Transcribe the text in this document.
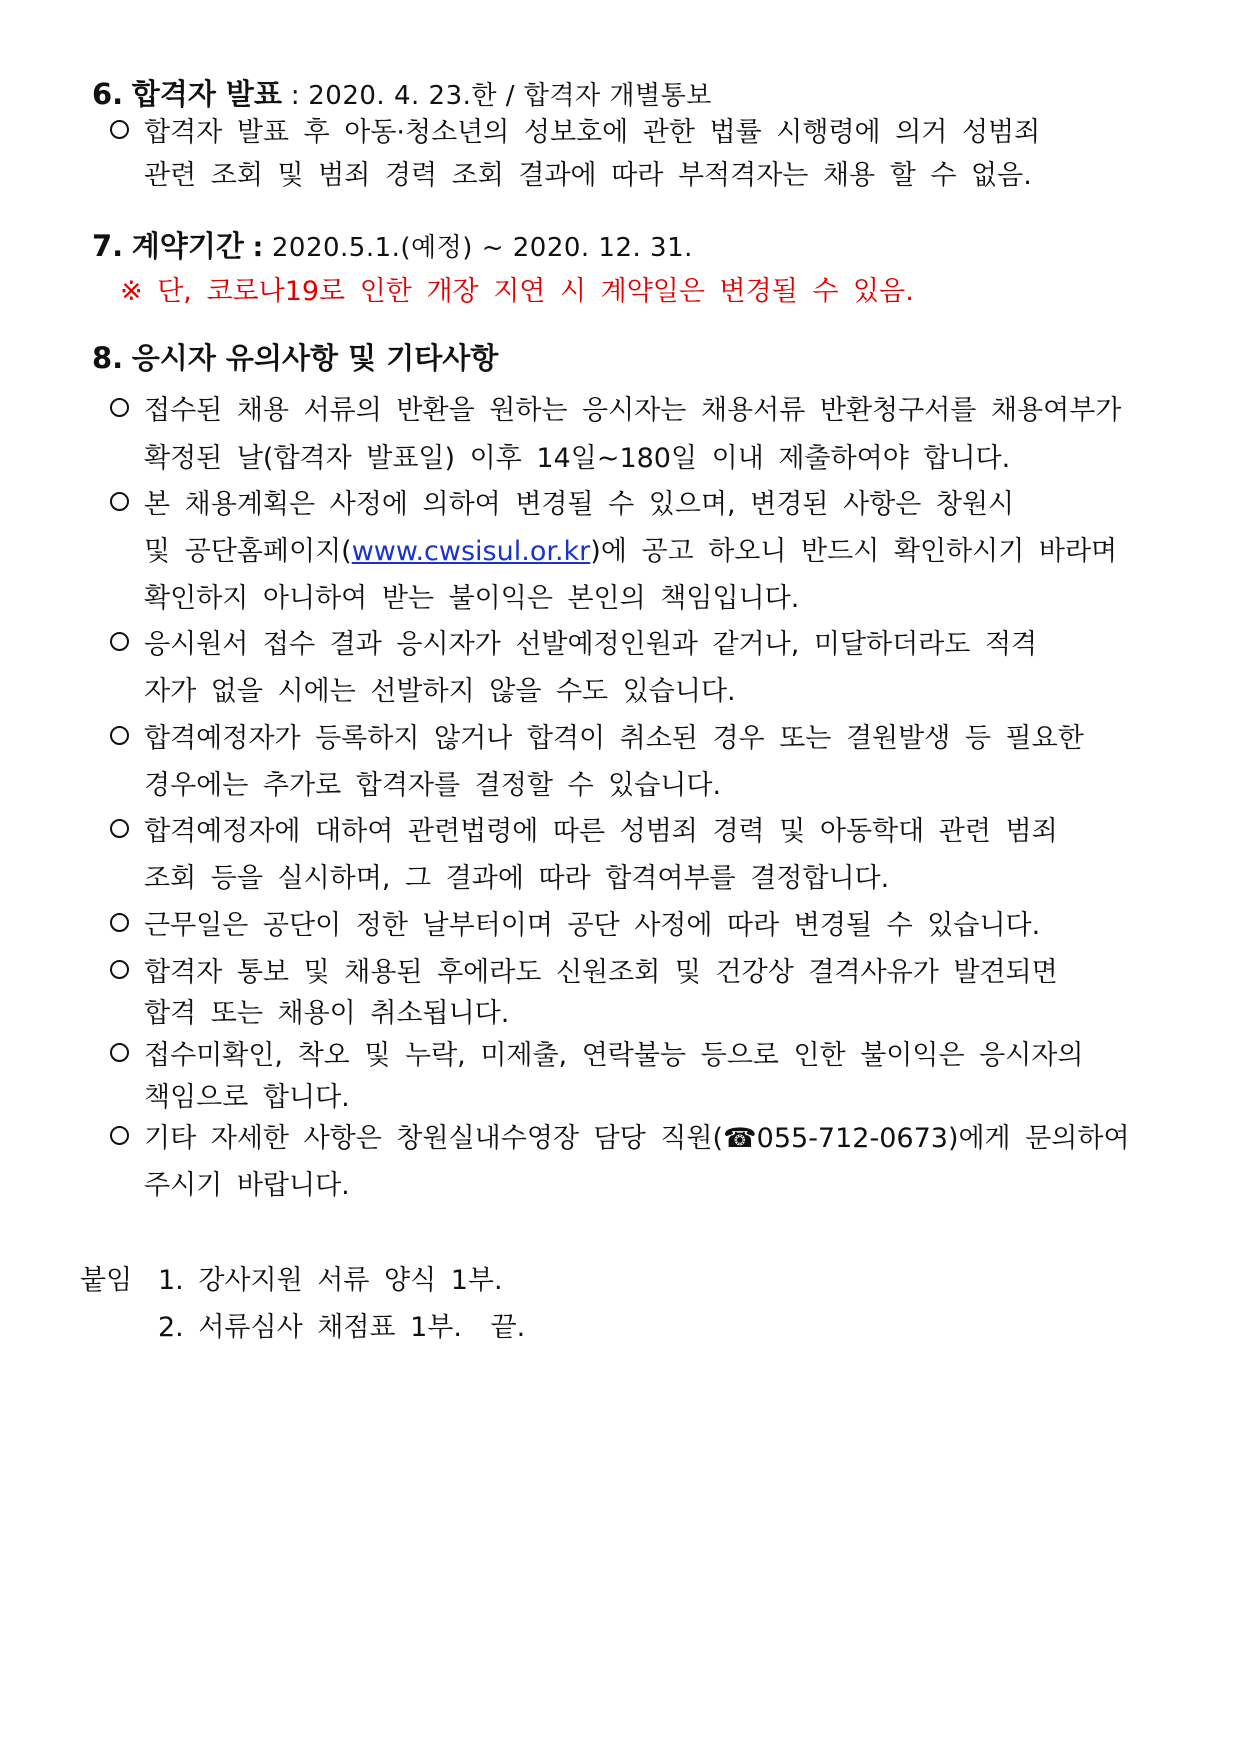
6. 합격자 발표 : 2020. 4. 23.한 / 합격자 개별통보
합격자 발표 후 아동·청소년의 성보호에 관한 법률 시행령에 의거 성범죄
관련 조회 및 범죄 경력 조회 결과에 따라 부적격자는 채용 할 수 없음.
7. 계약기간 : 2020.5.1.(예정) ~ 2020. 12. 31.
※ 단, 코로나19로 인한 개장 지연 시 계약일은 변경될 수 있음.
8. 응시자 유의사항 및 기타사항
접수된 채용 서류의 반환을 원하는 응시자는 채용서류 반환청구서를 채용여부가
확정된 날(합격자 발표일) 이후 14일~180일 이내 제출하여야 합니다.
본 채용계획은 사정에 의하여 변경될 수 있으며, 변경된 사항은 창원시
및 공단홈페이지(www.cwsisul.or.kr)에 공고 하오니 반드시 확인하시기 바라며
확인하지 아니하여 받는 불이익은 본인의 책임입니다.
응시원서 접수 결과 응시자가 선발예정인원과 같거나, 미달하더라도 적격
자가 없을 시에는 선발하지 않을 수도 있습니다.
합격예정자가 등록하지 않거나 합격이 취소된 경우 또는 결원발생 등 필요한
경우에는 추가로 합격자를 결정할 수 있습니다.
합격예정자에 대하여 관련법령에 따른 성범죄 경력 및 아동학대 관련 범죄
조회 등을 실시하며, 그 결과에 따라 합격여부를 결정합니다.
근무일은 공단이 정한 날부터이며 공단 사정에 따라 변경될 수 있습니다.
합격자 통보 및 채용된 후에라도 신원조회 및 건강상 결격사유가 발견되면
합격 또는 채용이 취소됩니다.
접수미확인, 착오 및 누락, 미제출, 연락불능 등으로 인한 불이익은 응시자의
책임으로 합니다.
기타 자세한 사항은 창원실내수영장 담당 직원(☎055-712-0673)에게 문의하여
주시기 바랍니다.
붙임 1. 강사지원 서류 양식 1부.
2. 서류심사 채점표 1부. 끝.
